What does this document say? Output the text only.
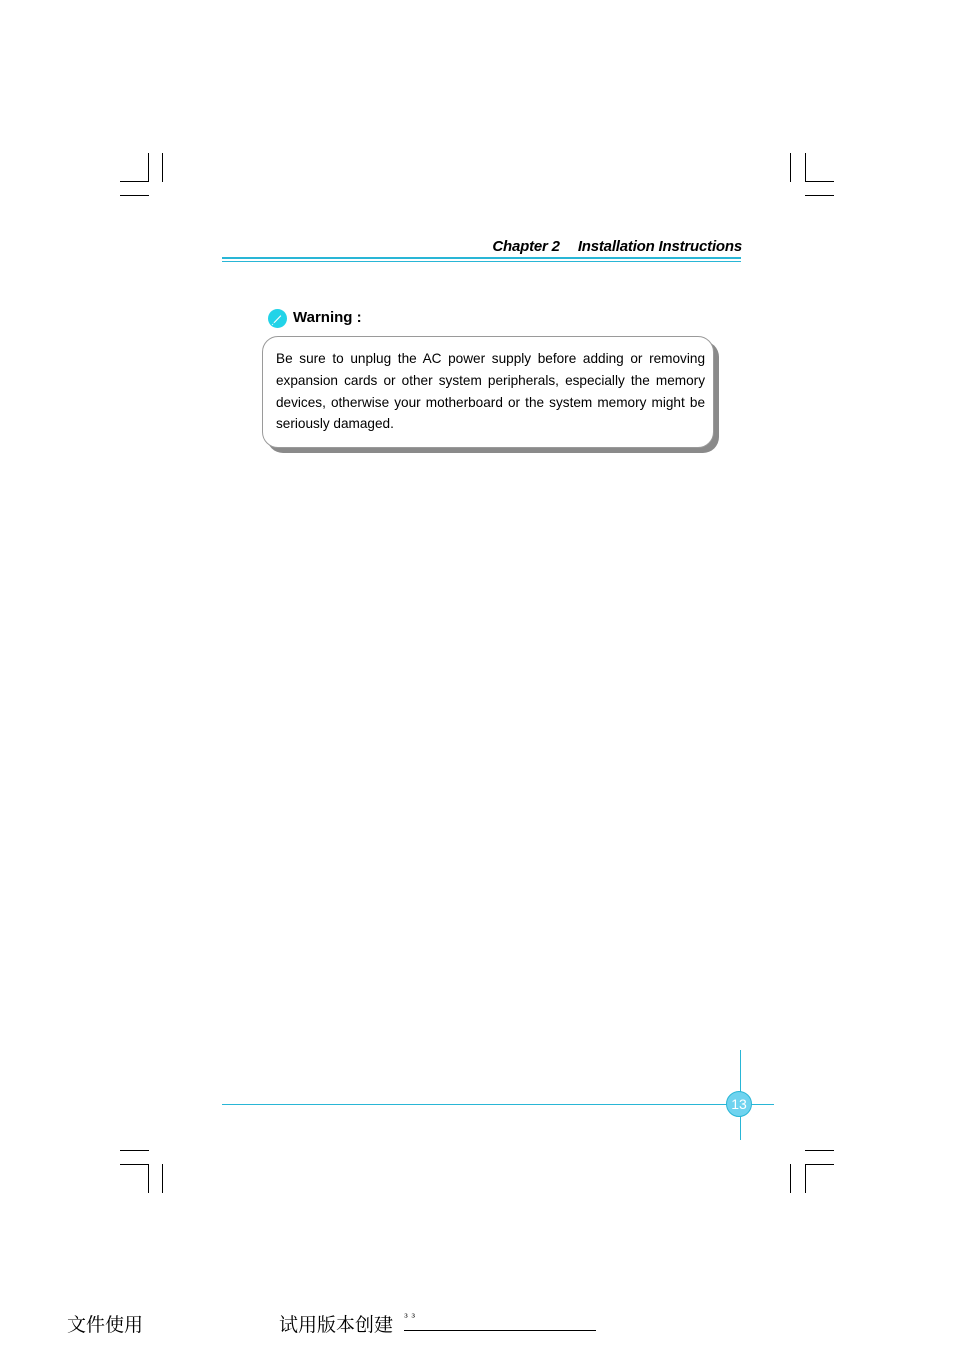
Chapter 2 Installation Instructions
Warning :
Be sure to unplug the AC power supply before adding or removing expansion cards or other system peripherals, especially the memory devices, otherwise your motherboard or the system memory might be seriously damaged.
13
文件使用	试用版本创建 ³ ³
